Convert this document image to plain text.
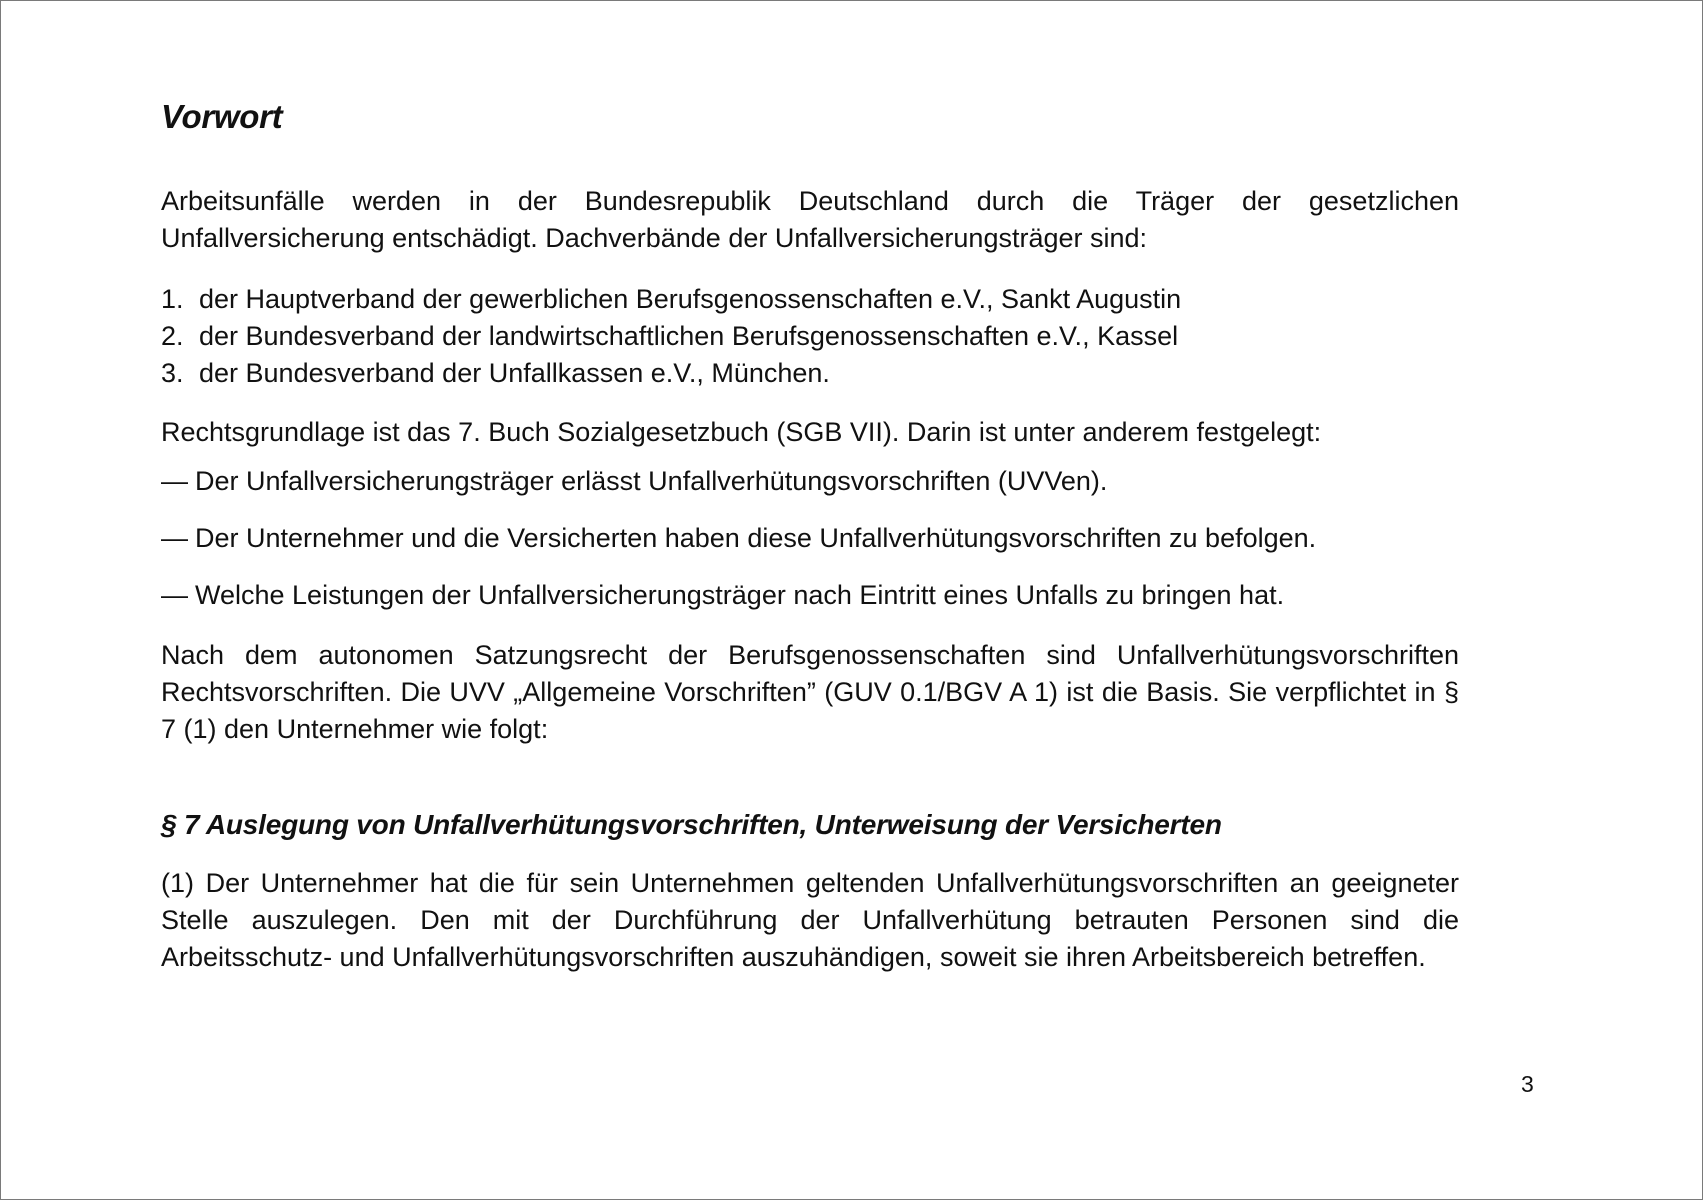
Vorwort

Arbeitsunfälle werden in der Bundesrepublik Deutschland durch die Träger der gesetzlichen Unfallversicherung entschädigt. Dachverbände der Unfallversicherungsträger sind:

1. der Hauptverband der gewerblichen Berufsgenossenschaften e.V., Sankt Augustin
2. der Bundesverband der landwirtschaftlichen Berufsgenossenschaften e.V., Kassel
3. der Bundesverband der Unfallkassen e.V., München.

Rechtsgrundlage ist das 7. Buch Sozialgesetzbuch (SGB VII). Darin ist unter anderem festgelegt:

— Der Unfallversicherungsträger erlässt Unfallverhütungsvorschriften (UVVen).
— Der Unternehmer und die Versicherten haben diese Unfallverhütungsvorschriften zu befolgen.
— Welche Leistungen der Unfallversicherungsträger nach Eintritt eines Unfalls zu bringen hat.

Nach dem autonomen Satzungsrecht der Berufsgenossenschaften sind Unfallverhütungsvorschriften Rechtsvorschriften. Die UVV „Allgemeine Vorschriften” (GUV 0.1/BGV A 1) ist die Basis. Sie verpflichtet in § 7 (1) den Unternehmer wie folgt:

§ 7 Auslegung von Unfallverhütungsvorschriften, Unterweisung der Versicherten

(1) Der Unternehmer hat die für sein Unternehmen geltenden Unfallverhütungsvorschriften an geeigneter Stelle auszulegen. Den mit der Durchführung der Unfallverhütung betrauten Personen sind die Arbeitsschutz- und Unfallverhütungsvorschriften auszuhändigen, soweit sie ihren Arbeitsbereich betreffen.

3
